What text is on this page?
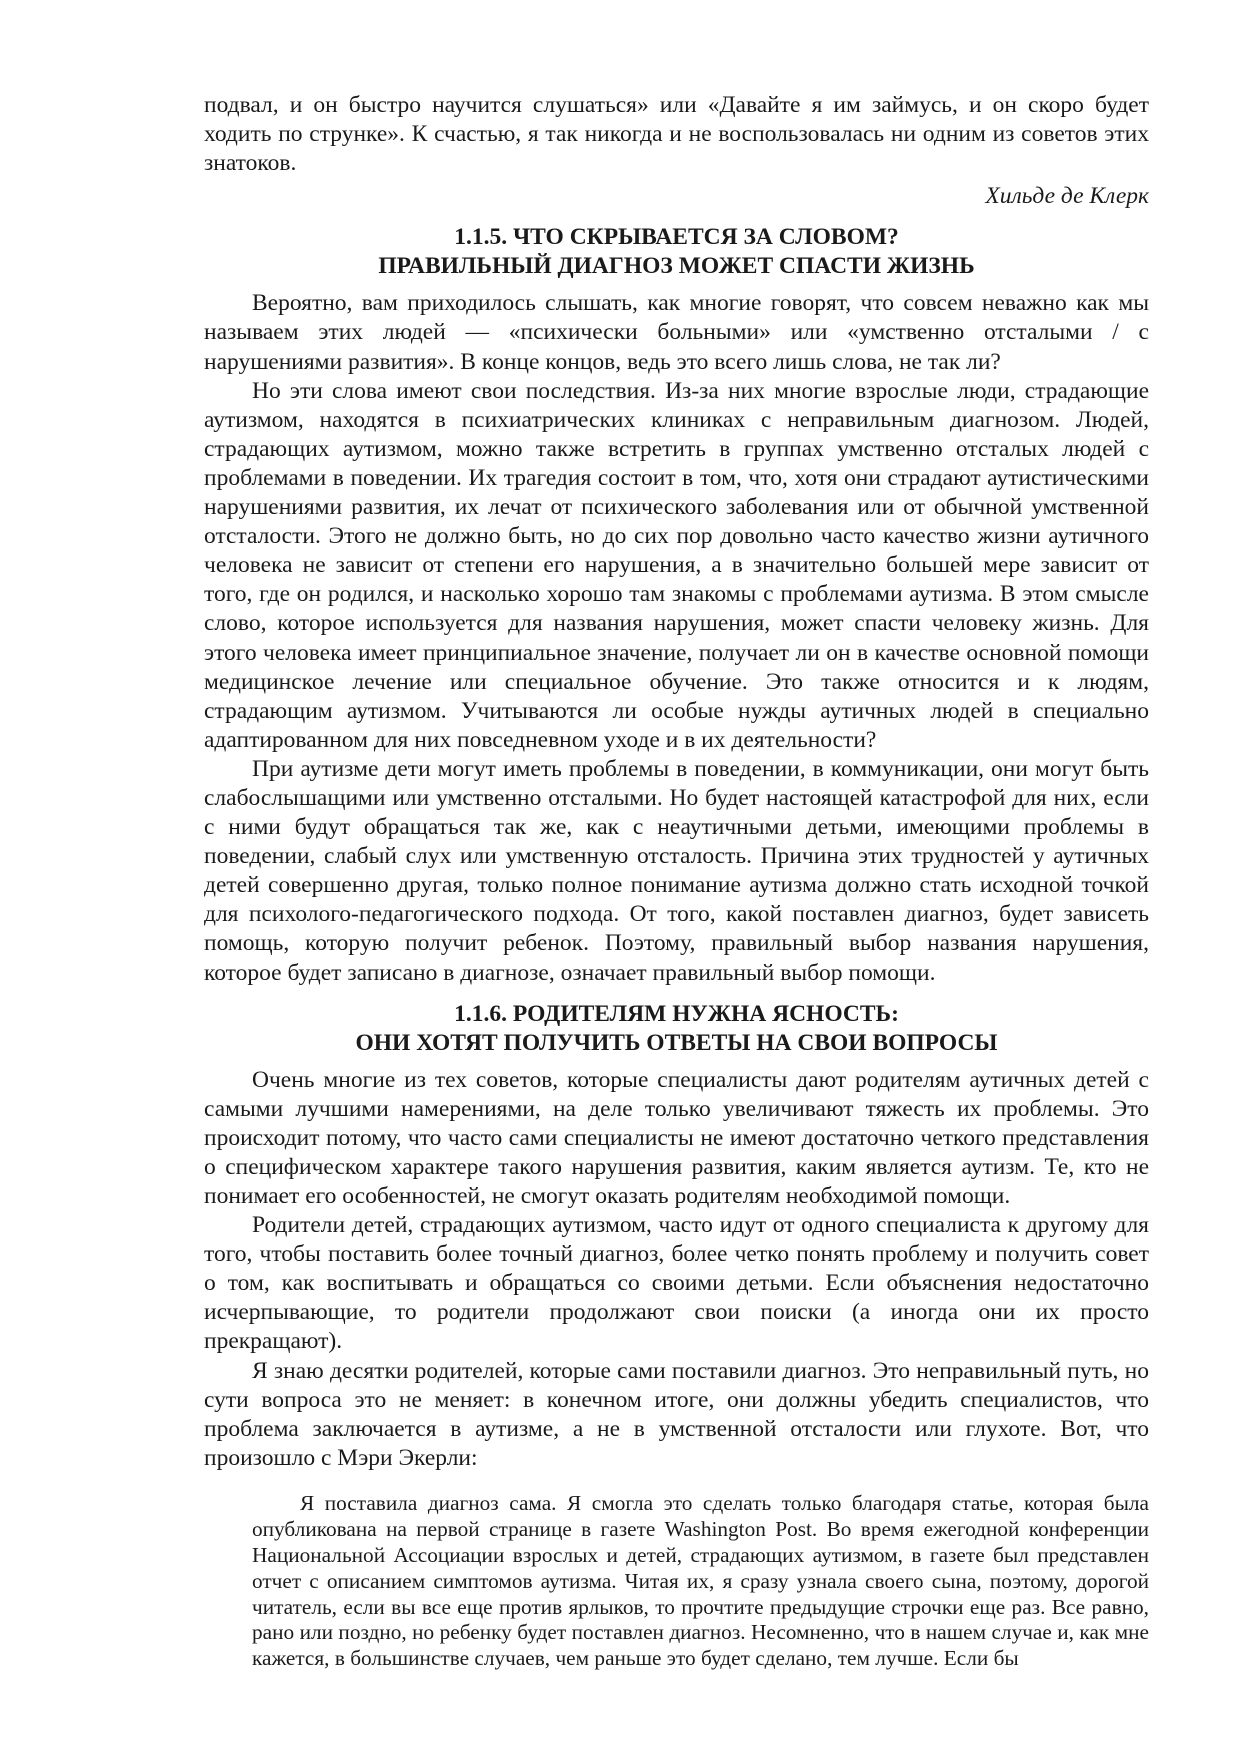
подвал, и он быстро научится слушаться» или «Давайте я им займусь, и он скоро будет ходить по струнке». К счастью, я так никогда и не воспользовалась ни одним из советов этих знатоков.

Хильде де Клерк

1.1.5. ЧТО СКРЫВАЕТСЯ ЗА СЛОВОМ?
ПРАВИЛЬНЫЙ ДИАГНОЗ МОЖЕТ СПАСТИ ЖИЗНЬ

Вероятно, вам приходилось слышать, как многие говорят, что совсем неважно как мы называем этих людей — «психически больными» или «умственно отсталыми / с нарушениями развития». В конце концов, ведь это всего лишь слова, не так ли?

Но эти слова имеют свои последствия. Из-за них многие взрослые люди, страдающие аутизмом, находятся в психиатрических клиниках с неправильным диагнозом. Людей, страдающих аутизмом, можно также встретить в группах умственно отсталых людей с проблемами в поведении. Их трагедия состоит в том, что, хотя они страдают аутистическими нарушениями развития, их лечат от психического заболевания или от обычной умственной отсталости. Этого не должно быть, но до сих пор довольно часто качество жизни аутичного человека не зависит от степени его нарушения, а в значительно большей мере зависит от того, где он родился, и насколько хорошо там знакомы с проблемами аутизма. В этом смысле слово, которое используется для названия нарушения, может спасти человеку жизнь. Для этого человека имеет принципиальное значение, получает ли он в качестве основной помощи медицинское лечение или специальное обучение. Это также относится и к людям, страдающим аутизмом. Учитываются ли особые нужды аутичных людей в специально адаптированном для них повседневном уходе и в их деятельности?

При аутизме дети могут иметь проблемы в поведении, в коммуникации, они могут быть слабослышащими или умственно отсталыми. Но будет настоящей катастрофой для них, если с ними будут обращаться так же, как с неаутичными детьми, имеющими проблемы в поведении, слабый слух или умственную отсталость. Причина этих трудностей у аутичных детей совершенно другая, только полное понимание аутизма должно стать исходной точкой для психолого-педагогического подхода. От того, какой поставлен диагноз, будет зависеть помощь, которую получит ребенок. Поэтому, правильный выбор названия нарушения, которое будет записано в диагнозе, означает правильный выбор помощи.

1.1.6. РОДИТЕЛЯМ НУЖНА ЯСНОСТЬ:
ОНИ ХОТЯТ ПОЛУЧИТЬ ОТВЕТЫ НА СВОИ ВОПРОСЫ

Очень многие из тех советов, которые специалисты дают родителям аутичных детей с самыми лучшими намерениями, на деле только увеличивают тяжесть их проблемы. Это происходит потому, что часто сами специалисты не имеют достаточно четкого представления о специфическом характере такого нарушения развития, каким является аутизм. Те, кто не понимает его особенностей, не смогут оказать родителям необходимой помощи.

Родители детей, страдающих аутизмом, часто идут от одного специалиста к другому для того, чтобы поставить более точный диагноз, более четко понять проблему и получить совет о том, как воспитывать и обращаться со своими детьми. Если объяснения недостаточно исчерпывающие, то родители продолжают свои поиски (а иногда они их просто прекращают).

Я знаю десятки родителей, которые сами поставили диагноз. Это неправильный путь, но сути вопроса это не меняет: в конечном итоге, они должны убедить специалистов, что проблема заключается в аутизме, а не в умственной отсталости или глухоте. Вот, что произошло с Мэри Экерли:

Я поставила диагноз сама. Я смогла это сделать только благодаря статье, которая была опубликована на первой странице в газете Washington Post. Во время ежегодной конференции Национальной Ассоциации взрослых и детей, страдающих аутизмом, в газете был представлен отчет с описанием симптомов аутизма. Читая их, я сразу узнала своего сына, поэтому, дорогой читатель, если вы все еще против ярлыков, то прочтите предыдущие строчки еще раз. Все равно, рано или поздно, но ребенку будет поставлен диагноз. Несомненно, что в нашем случае и, как мне кажется, в большинстве случаев, чем раньше это будет сделано, тем лучше. Если бы
